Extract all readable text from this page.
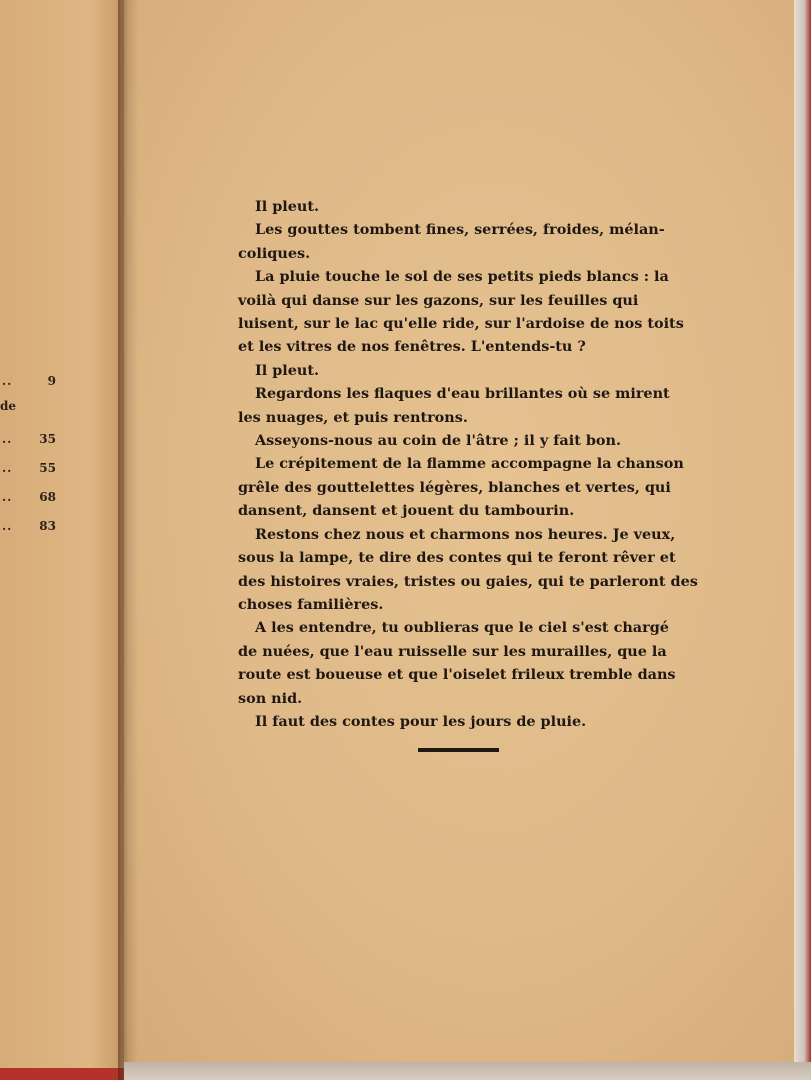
..	9
de
.. 35
.. 55
.. 68
.. 83
Il pleut.
Les gouttes tombent fines, serrées, froides, mélan-
coliques.
La pluie touche le sol de ses petits pieds blancs : la
voilà qui danse sur les gazons, sur les feuilles qui
luisent, sur le lac qu'elle ride, sur l'ardoise de nos toits
et les vitres de nos fenêtres. L'entends-tu ?
Il pleut.
Regardons les flaques d'eau brillantes où se mirent
les nuages, et puis rentrons.
Asseyons-nous au coin de l'âtre ; il y fait bon.
Le crépitement de la flamme accompagne la chanson
grêle des gouttelettes légères, blanches et vertes, qui
dansent, dansent et jouent du tambourin.
Restons chez nous et charmons nos heures. Je veux,
sous la lampe, te dire des contes qui te feront rêver et
des histoires vraies, tristes ou gaies, qui te parleront des
choses familières.
A les entendre, tu oublieras que le ciel s'est chargé
de nuées, que l'eau ruisselle sur les murailles, que la
route est boueuse et que l'oiselet frileux tremble dans
son nid.
Il faut des contes pour les jours de pluie.
